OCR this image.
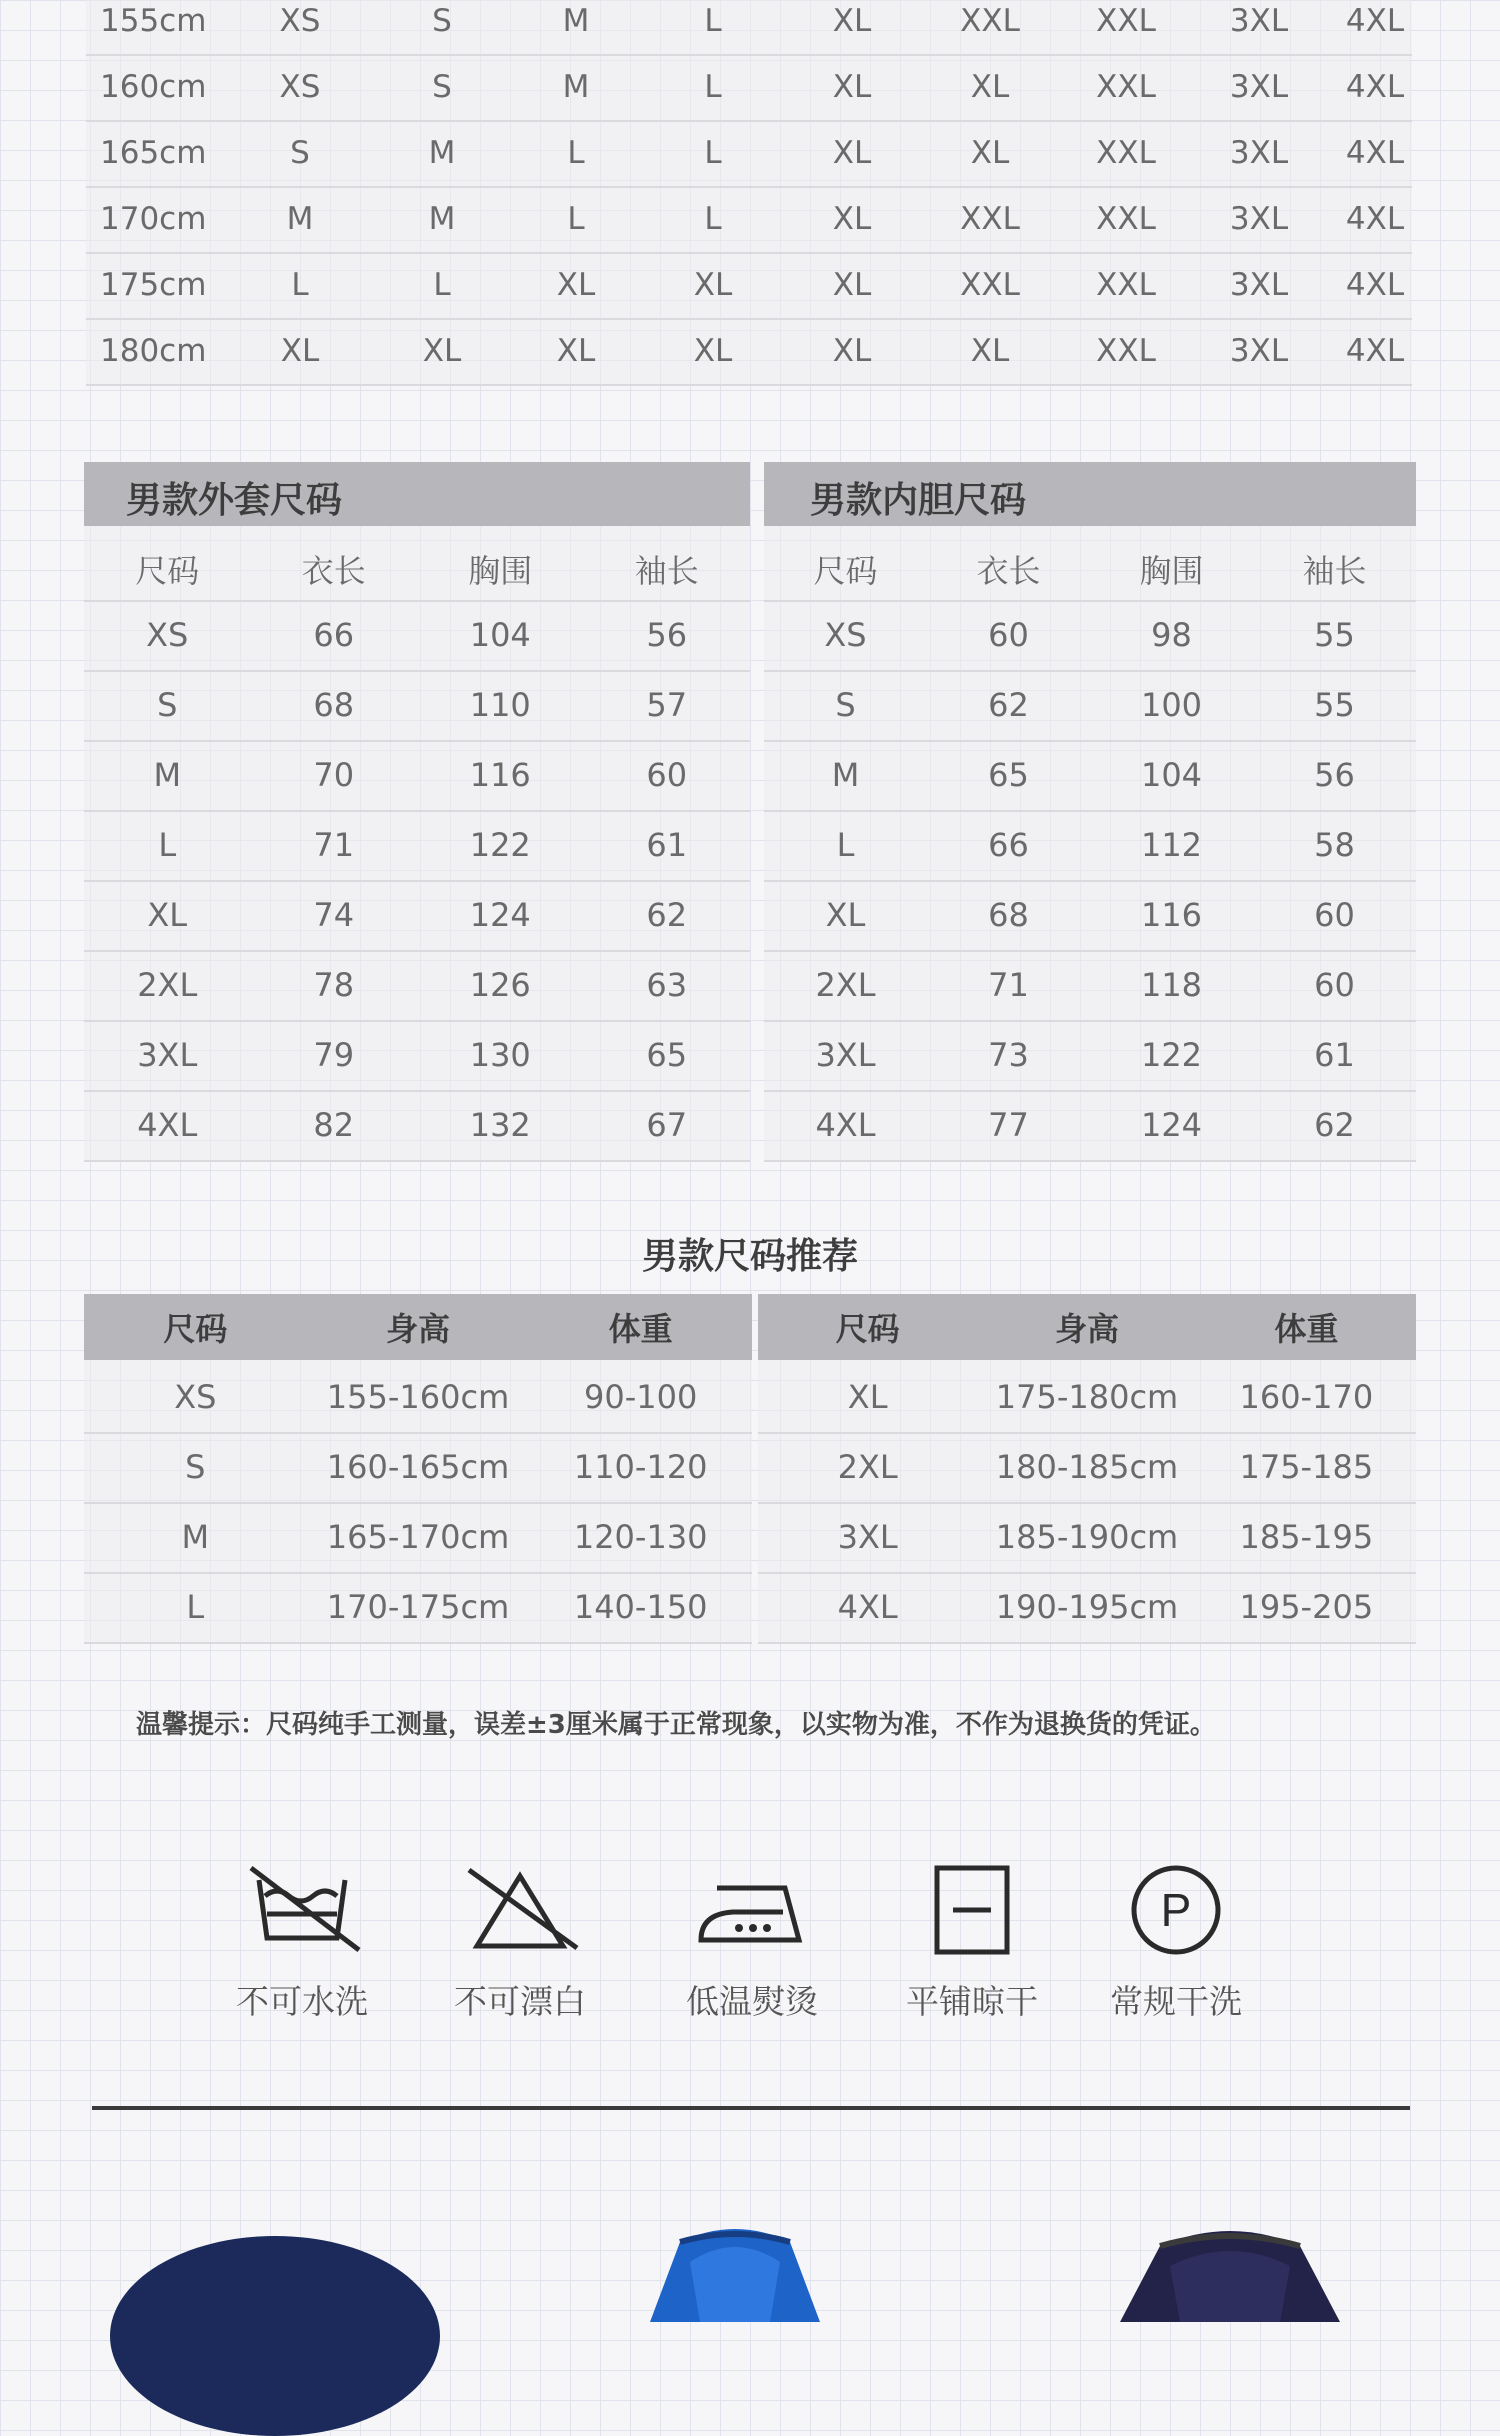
155cm	XS	S	M	L	XL	XXL	XXL	3XL	4XL
160cm	XS	S	M	L	XL	XL	XXL	3XL	4XL
165cm	S	M	L	L	XL	XL	XXL	3XL	4XL
170cm	M	M	L	L	XL	XXL	XXL	3XL	4XL
175cm	L	L	XL	XL	XL	XXL	XXL	3XL	4XL
180cm	XL	XL	XL	XL	XL	XL	XXL	3XL	4XL
男款外套尺码
尺码	衣长	胸围	袖长
XS	66	104	56
S	68	110	57
M	70	116	60
L	71	122	61
XL	74	124	62
2XL	78	126	63
3XL	79	130	65
4XL	82	132	67
男款内胆尺码
尺码	衣长	胸围	袖长
XS	60	98	55
S	62	100	55
M	65	104	56
L	66	112	58
XL	68	116	60
2XL	71	118	60
3XL	73	122	61
4XL	77	124	62
男款尺码推荐
尺码	身高	体重
XS	155-160cm	90-100
S	160-165cm	110-120
M	165-170cm	120-130
L	170-175cm	140-150
尺码	身高	体重
XL	175-180cm	160-170
2XL	180-185cm	175-185
3XL	185-190cm	185-195
4XL	190-195cm	195-205
温馨提示：尺码纯手工测量，误差±3厘米属于正常现象，以实物为准，不作为退换货的凭证。
不可水洗	不可漂白	低温熨烫	平铺晾干
P
常规干洗
